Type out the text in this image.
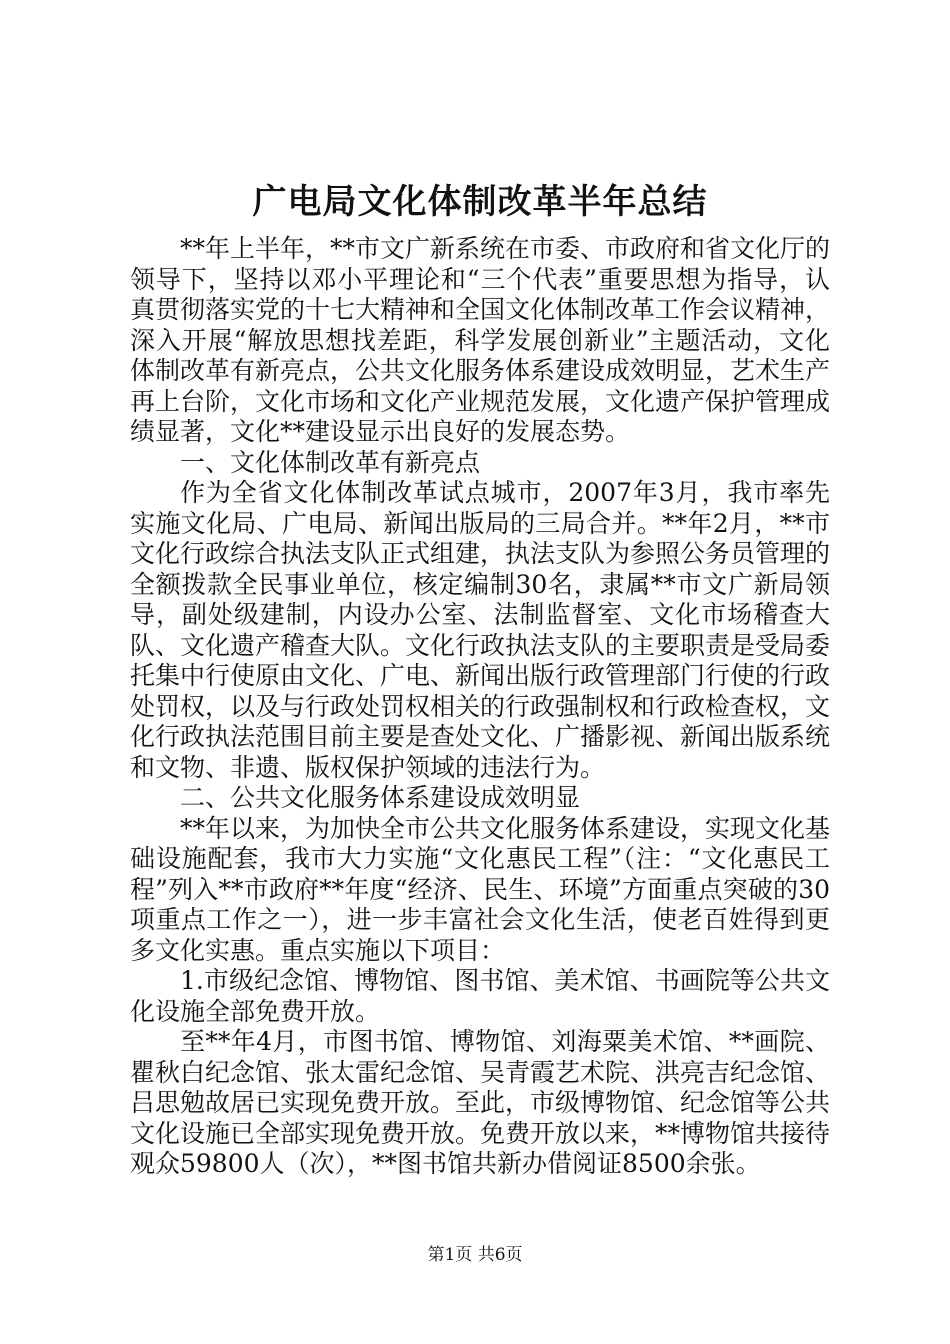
广电局文化体制改革半年总结

**年上半年，**市文广新系统在市委、市政府和省文化厅的领导下，坚持以邓小平理论和“三个代表”重要思想为指导，认真贯彻落实党的十七大精神和全国文化体制改革工作会议精神，深入开展“解放思想找差距，科学发展创新业”主题活动，文化体制改革有新亮点，公共文化服务体系建设成效明显，艺术生产再上台阶，文化市场和文化产业规范发展，文化遗产保护管理成绩显著，文化**建设显示出良好的发展态势。

一、文化体制改革有新亮点

作为全省文化体制改革试点城市，2007年3月，我市率先实施文化局、广电局、新闻出版局的三局合并。**年2月，**市文化行政综合执法支队正式组建，执法支队为参照公务员管理的全额拨款全民事业单位，核定编制30名，隶属**市文广新局领导，副处级建制，内设办公室、法制监督室、文化市场稽查大队、文化遗产稽查大队。文化行政执法支队的主要职责是受局委托集中行使原由文化、广电、新闻出版行政管理部门行使的行政处罚权，以及与行政处罚权相关的行政强制权和行政检查权，文化行政执法范围目前主要是查处文化、广播影视、新闻出版系统和文物、非遗、版权保护领域的违法行为。

二、公共文化服务体系建设成效明显

**年以来，为加快全市公共文化服务体系建设，实现文化基础设施配套，我市大力实施“文化惠民工程”（注：“文化惠民工程”列入**市政府**年度“经济、民生、环境”方面重点突破的30项重点工作之一），进一步丰富社会文化生活，使老百姓得到更多文化实惠。重点实施以下项目：

1.市级纪念馆、博物馆、图书馆、美术馆、书画院等公共文化设施全部免费开放。

至**年4月，市图书馆、博物馆、刘海粟美术馆、**画院、瞿秋白纪念馆、张太雷纪念馆、吴青霞艺术院、洪亮吉纪念馆、吕思勉故居已实现免费开放。至此，市级博物馆、纪念馆等公共文化设施已全部实现免费开放。免费开放以来，**博物馆共接待观众59800人（次），**图书馆共新办借阅证8500余张。

第1页 共6页
